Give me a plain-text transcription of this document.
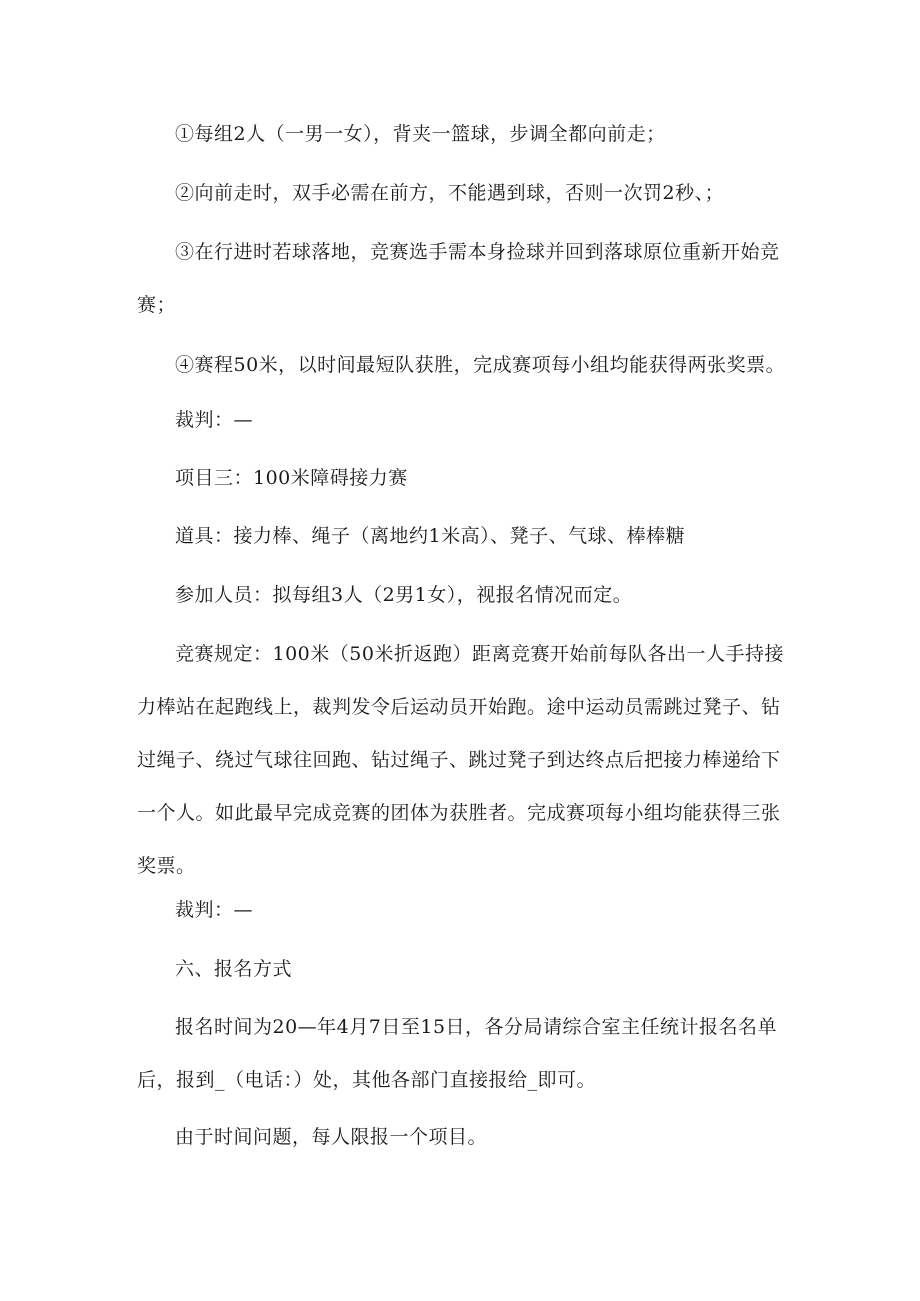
①每组2人（一男一女），背夹一篮球，步调全都向前走；

②向前走时，双手必需在前方，不能遇到球，否则一次罚2秒、；

③在行进时若球落地，竞赛选手需本身捡球并回到落球原位重新开始竞赛；

④赛程50米，以时间最短队获胜，完成赛项每小组均能获得两张奖票。

裁判：—

项目三：100米障碍接力赛

道具：接力棒、绳子（离地约1米高）、凳子、气球、棒棒糖

参加人员：拟每组3人（2男1女），视报名情况而定。

竞赛规定：100米（50米折返跑）距离竞赛开始前每队各出一人手持接力棒站在起跑线上，裁判发令后运动员开始跑。途中运动员需跳过凳子、钻过绳子、绕过气球往回跑、钻过绳子、跳过凳子到达终点后把接力棒递给下一个人。如此最早完成竞赛的团体为获胜者。完成赛项每小组均能获得三张奖票。

裁判：—

六、报名方式

报名时间为20—年4月7日至15日，各分局请综合室主任统计报名名单后，报到_（电话：）处，其他各部门直接报给_即可。

由于时间问题，每人限报一个项目。
